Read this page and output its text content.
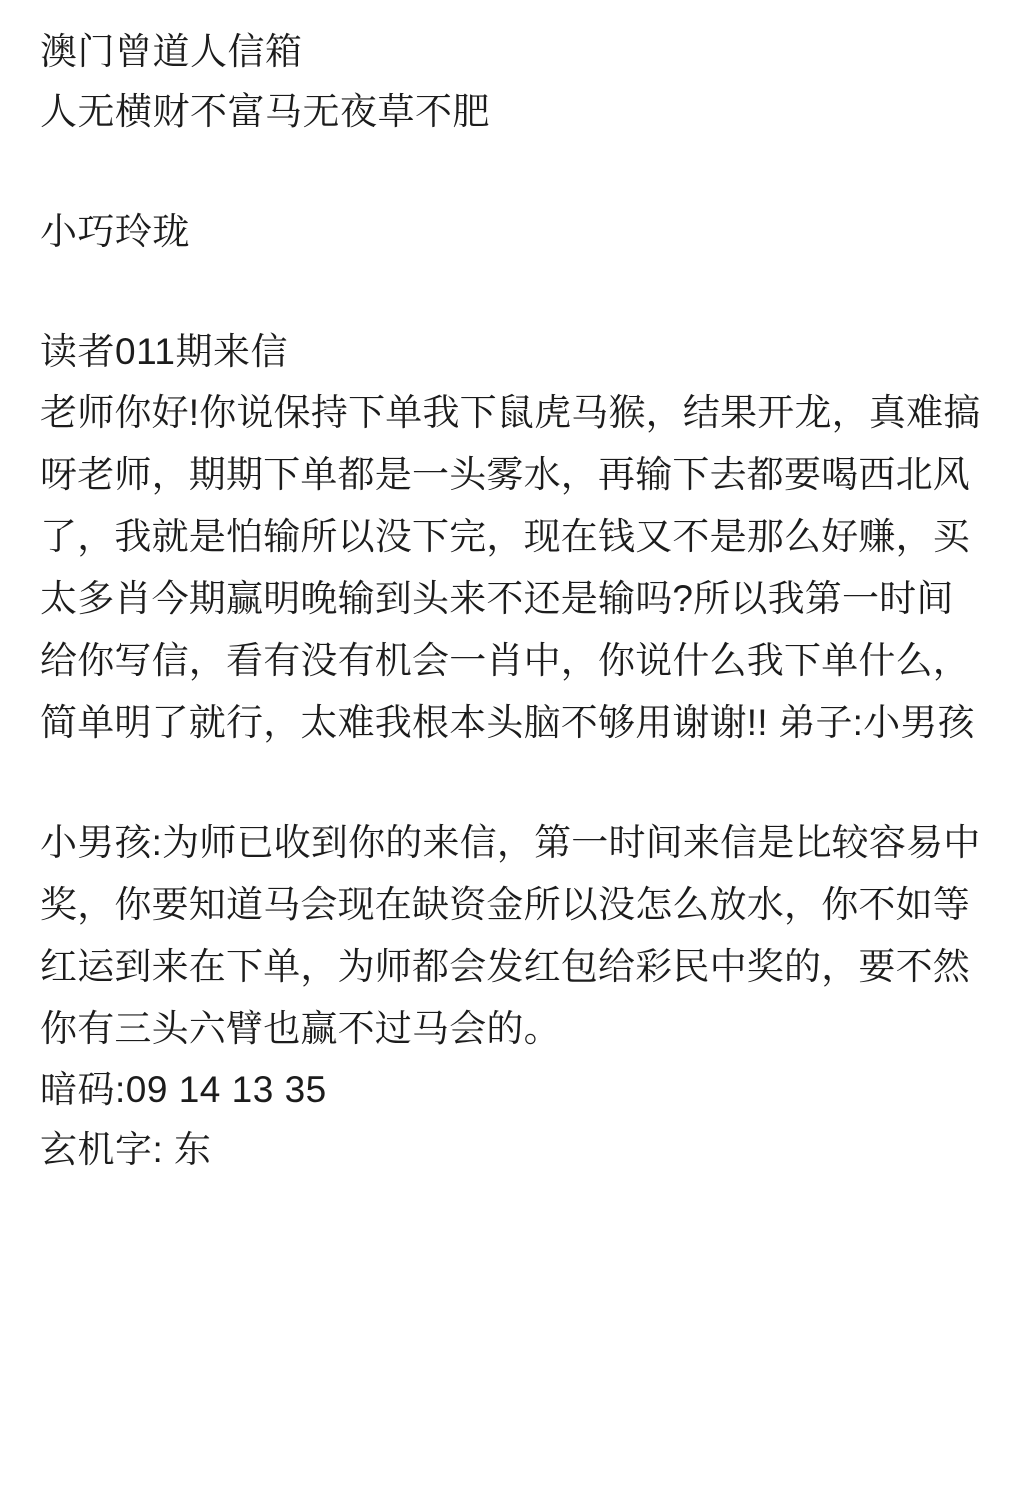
澳门曾道人信箱
人无横财不富马无夜草不肥
小巧玲珑
读者011期来信
老师你好!你说保持下单我下鼠虎马猴，结果开龙，真难搞呀老师，期期下单都是一头雾水，再输下去都要喝西北风了，我就是怕输所以没下完，现在钱又不是那么好赚，买太多肖今期赢明晚输到头来不还是输吗?所以我第一时间给你写信，看有没有机会一肖中，你说什么我下单什么，简单明了就行，太难我根本头脑不够用谢谢!! 弟子:小男孩
小男孩:为师已收到你的来信，第一时间来信是比较容易中奖，你要知道马会现在缺资金所以没怎么放水，你不如等红运到来在下单，为师都会发红包给彩民中奖的，要不然你有三头六臂也赢不过马会的。
暗码:09 14 13 35
玄机字: 东
